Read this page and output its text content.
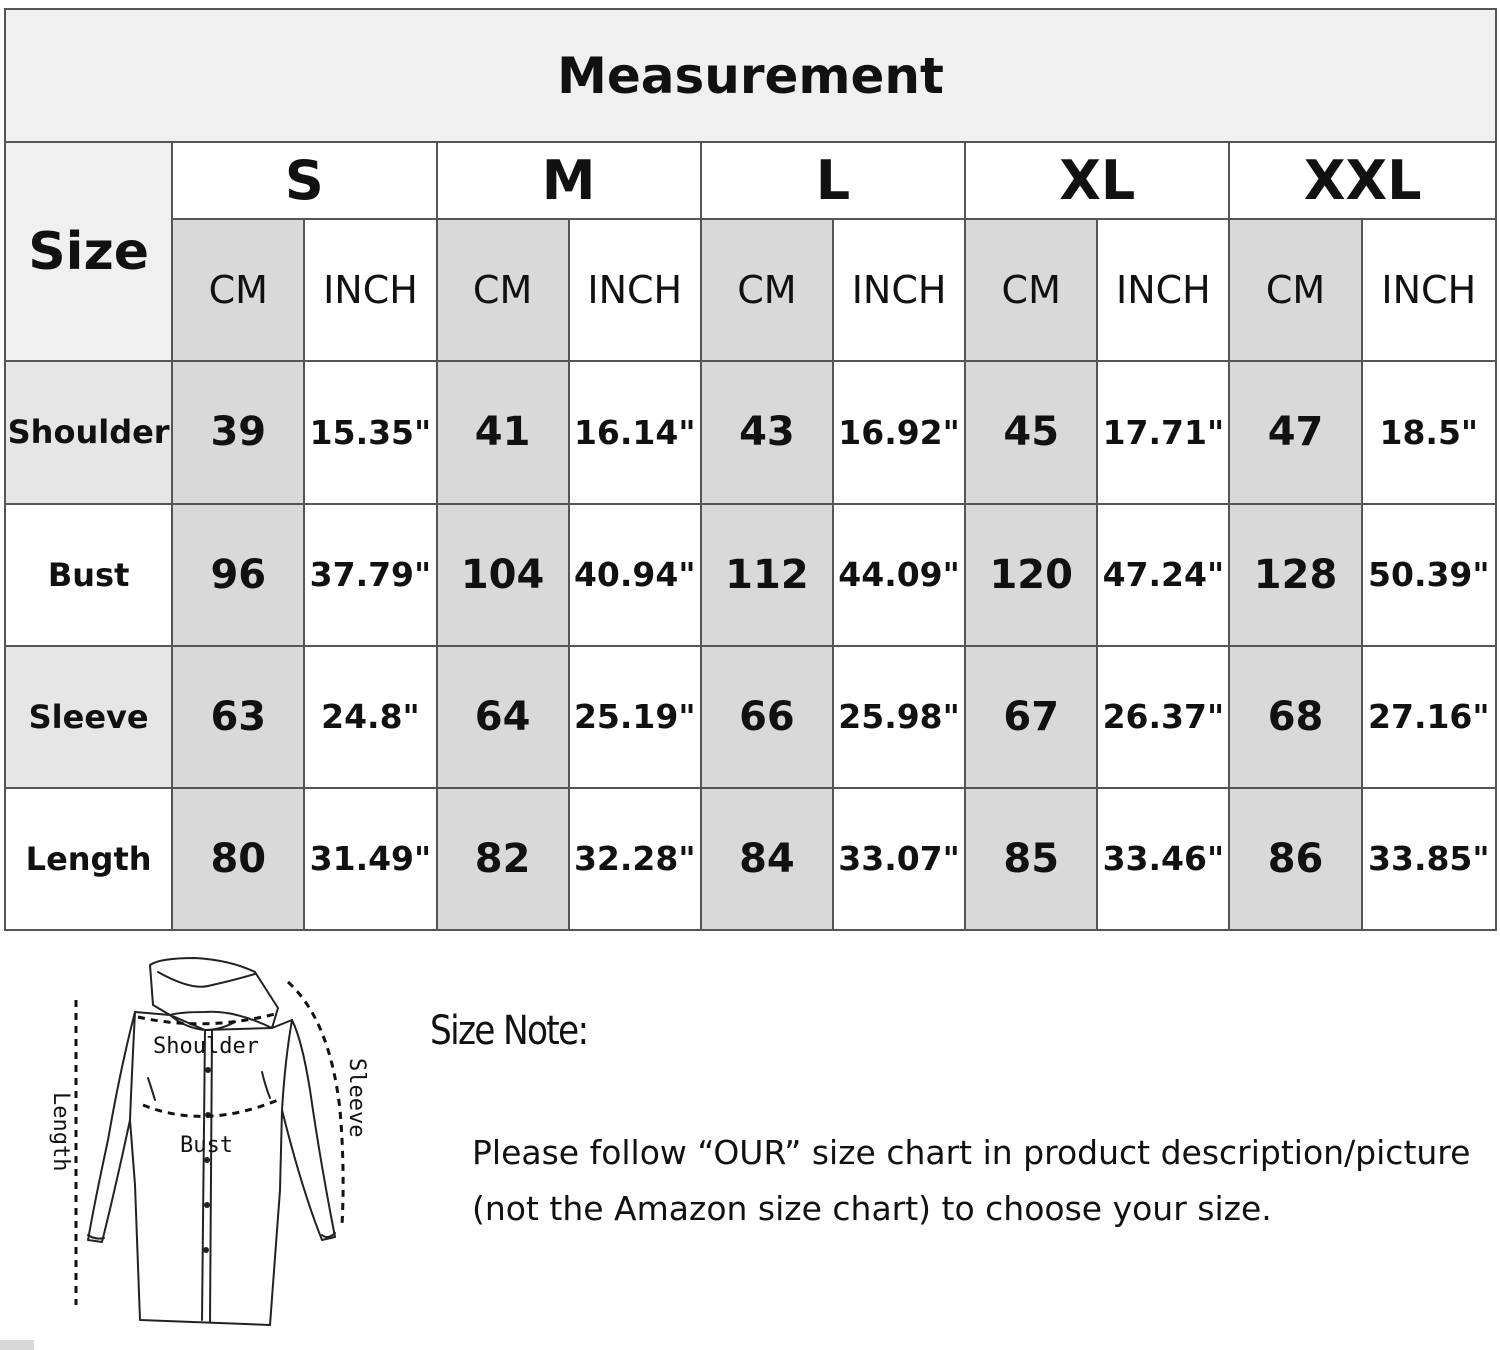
Measurement										
Size	S		M		L		XL		XXL	
	CM	INCH	CM	INCH	CM	INCH	CM	INCH	CM	INCH
Shoulder	39	15.35"	41	16.14"	43	16.92"	45	17.71"	47	18.5"
Bust	96	37.79"	104	40.94"	112	44.09"	120	47.24"	128	50.39"
Sleeve	63	24.8"	64	25.19"	66	25.98"	67	26.37"	68	27.16"
Length	80	31.49"	82	32.28"	84	33.07"	85	33.46"	86	33.85"
Shoulder
Bust
Sleeve
Length
Size Note:
Please follow “OUR” size chart in product description/picture
(not the Amazon size chart) to choose your size.
